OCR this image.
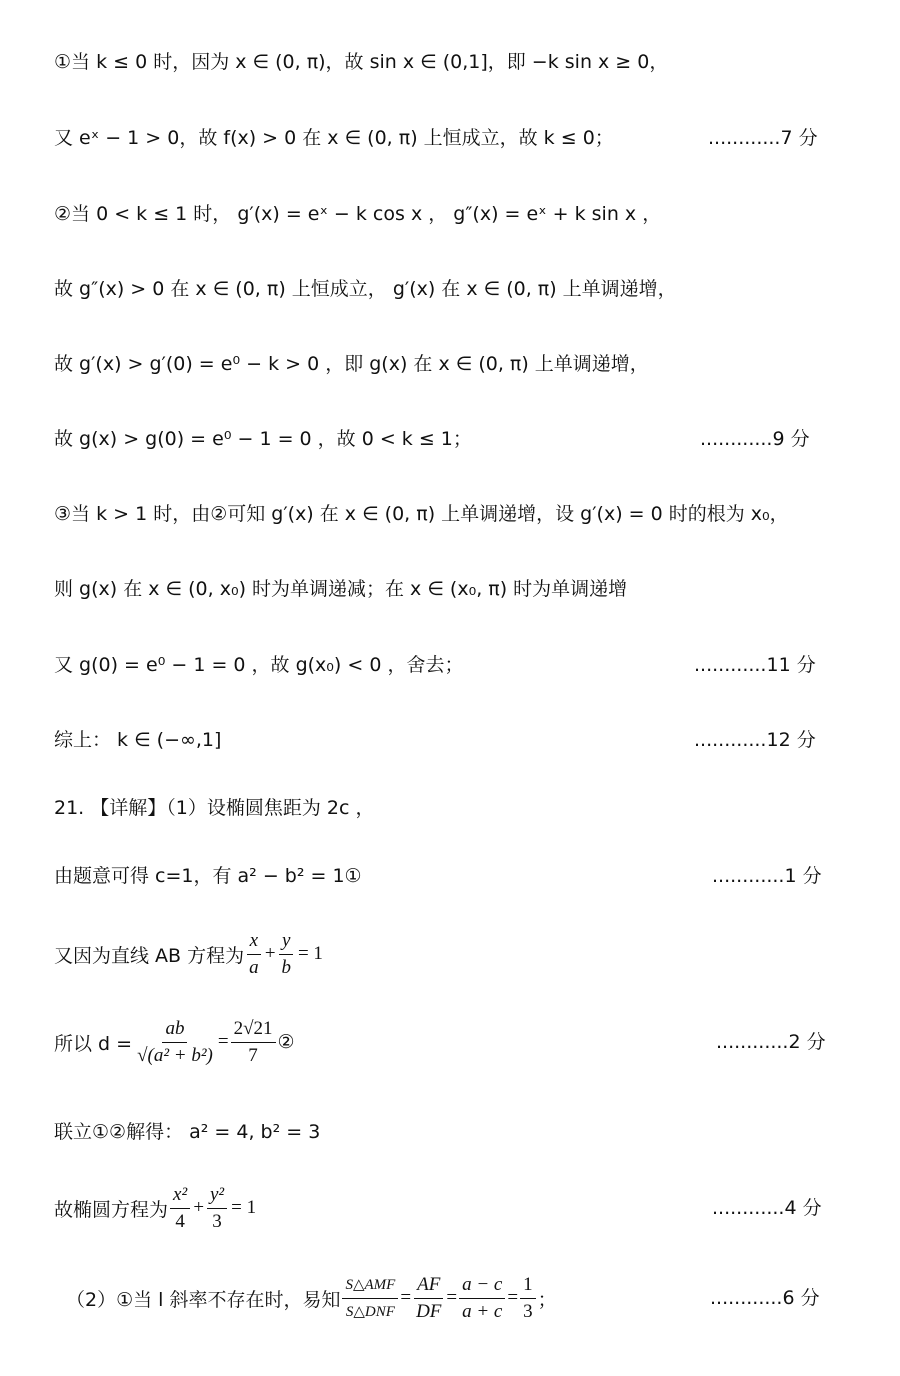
①当 k ≤ 0 时，因为 x ∈ (0, π)，故 sin x ∈ (0,1]，即 −k sin x ≥ 0，
又 eˣ − 1 > 0，故 f(x) > 0 在 x ∈ (0, π) 上恒成立，故 k ≤ 0；	............7 分
②当 0 < k ≤ 1 时， g′(x) = eˣ − k cos x ， g″(x) = eˣ + k sin x ，
故 g″(x) > 0 在 x ∈ (0, π) 上恒成立， g′(x) 在 x ∈ (0, π) 上单调递增，
故 g′(x) > g′(0) = e⁰ − k > 0 ，即 g(x) 在 x ∈ (0, π) 上单调递增，
故 g(x) > g(0) = e⁰ − 1 = 0 ，故 0 < k ≤ 1；	............9 分
③当 k > 1 时，由②可知 g′(x) 在 x ∈ (0, π) 上单调递增，设 g′(x) = 0 时的根为 x₀，
则 g(x) 在 x ∈ (0, x₀) 时为单调递减；在 x ∈ (x₀, π) 时为单调递增
又 g(0) = e⁰ − 1 = 0 ，故 g(x₀) < 0 ，舍去；	............11 分
综上： k ∈ (−∞,1]	............12 分
21. 【详解】（1）设椭圆焦距为 2c ，
由题意可得 c=1，有 a² − b² = 1①	............1 分
又因为直线 AB 方程为 $\frac{x}{a} + \frac{y}{b} = 1$
所以 $d = \frac{ab}{\text{√(a² + b²)}} = \frac{2√21}{7}$ ②	............2 分
联立①②解得： a² = 4, b² = 3
故椭圆方程为 $\frac{\text{x²}}{4} + \frac{\text{y²}}{3} = 1$	............4 分
（2）①当 l 斜率不存在时，易知 $\frac{\text{S△AMF}}{\text{S△DNF}} = \frac{AF}{DF} = \frac{a - c}{a + c} = \frac{1}{3}$ ；	............6 分
